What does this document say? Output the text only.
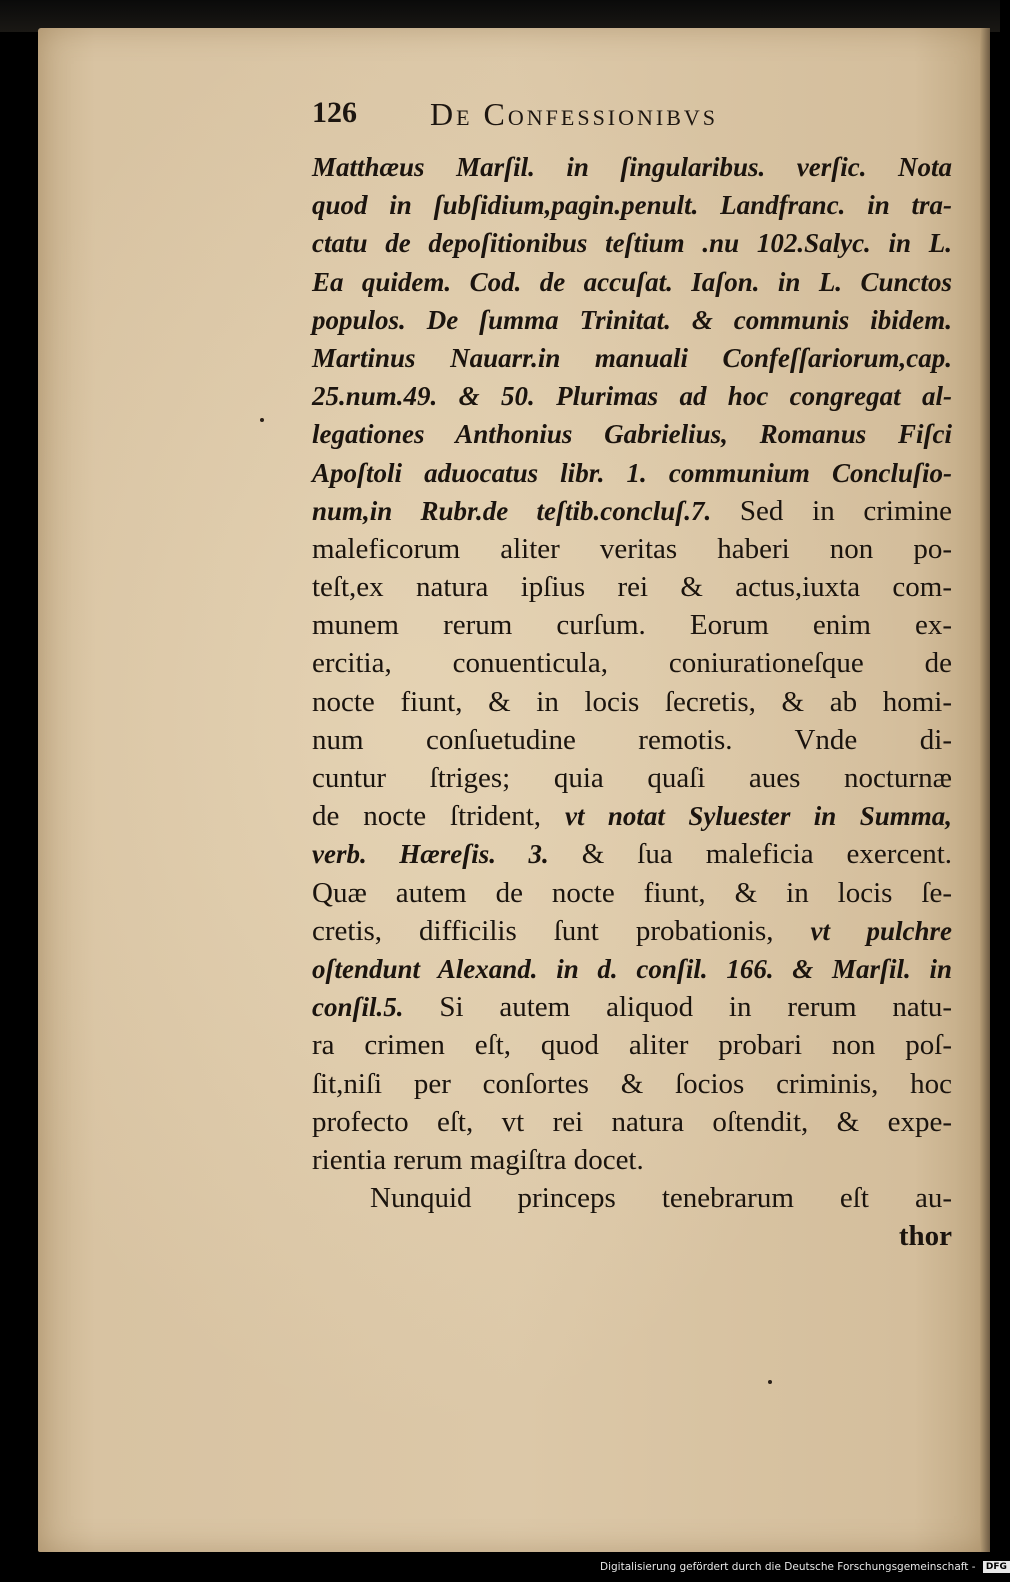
126 De Confessionibvs
Matthæus Marſil. in ſingularibus. verſic. Nota
quod in ſubſidium,pagin.penult. Landfranc. in tra-
ctatu de depoſitionibus teſtium .nu 102.Salyc. in L.
Ea quidem. Cod. de accuſat. Iaſon. in L. Cunctos
populos. De ſumma Trinitat. & communis ibidem.
Martinus Nauarr.in manuali Confeſſariorum,cap.
25.num.49. & 50. Plurimas ad hoc congregat al-
legationes Anthonius Gabrielius, Romanus Fiſci
Apoſtoli aduocatus libr. 1. communium Concluſio-
num,in Rubr.de teſtib.concluſ.7. Sed in crimine
maleficorum aliter veritas haberi non po-
teſt,ex natura ipſius rei & actus,iuxta com-
munem rerum curſum. Eorum enim ex-
ercitia, conuenticula, coniurationeſque de
nocte fiunt, & in locis ſecretis, & ab homi-
num conſuetudine remotis. Vnde di-
cuntur ſtriges; quia quaſi aues nocturnæ
de nocte ſtrident, vt notat Syluester in Summa,
verb. Hæreſis. 3. & ſua maleficia exercent.
Quæ autem de nocte fiunt, & in locis ſe-
cretis, difficilis ſunt probationis, vt pulchre
oſtendunt Alexand. in d. conſil. 166. & Marſil. in
conſil.5. Si autem aliquod in rerum natu-
ra crimen eſt, quod aliter probari non poſ-
ſit,niſi per conſortes & ſocios criminis, hoc
profecto eſt, vt rei natura oſtendit, & expe-
rientia rerum magiſtra docet.
Nunquid princeps tenebrarum eſt au-
thor
Digitalisierung gefördert durch die Deutsche Forschungsgemeinschaft - DFG
